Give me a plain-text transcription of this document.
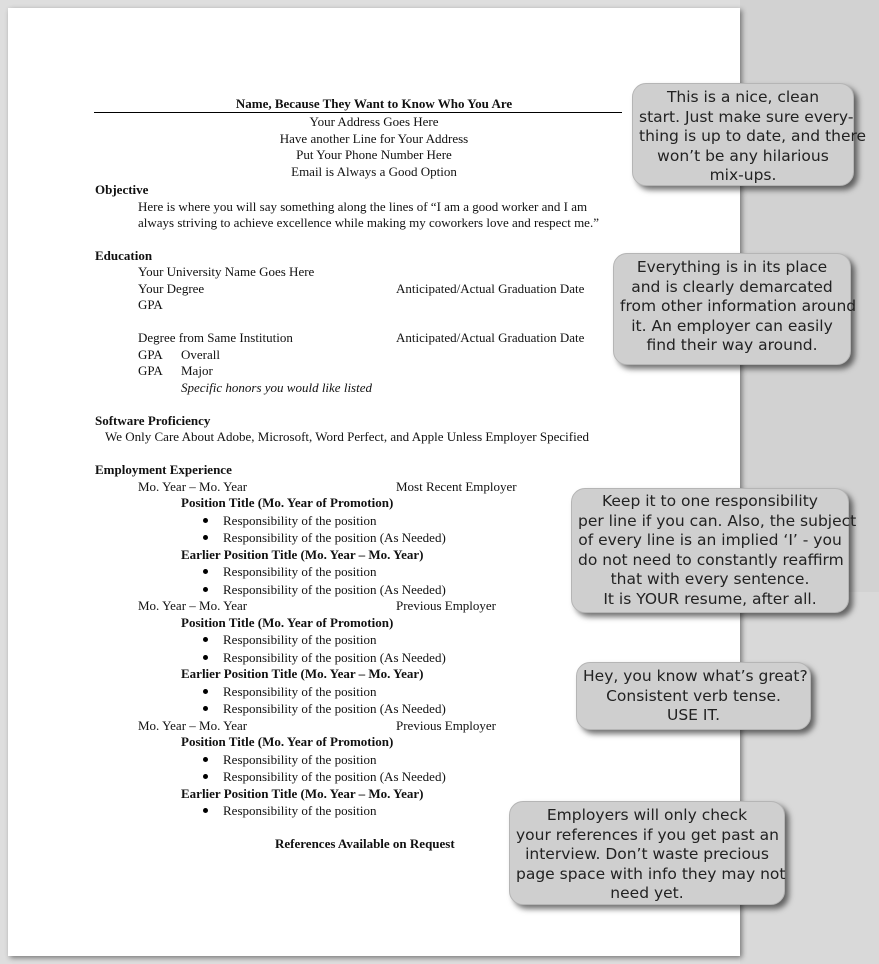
Name, Because They Want to Know Who You Are
Your Address Goes Here
Have another Line for Your Address
Put Your Phone Number Here
Email is Always a Good Option
Objective
Here is where you will say something along the lines of “I am a good worker and I am
always striving to achieve excellence while making my coworkers love and respect me.”
Education
Your University Name Goes Here
Your Degree	Anticipated/Actual Graduation Date
GPA
Degree from Same Institution	Anticipated/Actual Graduation Date
GPA Overall
GPA Major
Specific honors you would like listed
Software Proficiency
We Only Care About Adobe, Microsoft, Word Perfect, and Apple Unless Employer Specified
Employment Experience
Mo. Year – Mo. Year	Most Recent Employer
Position Title (Mo. Year of Promotion)
Responsibility of the position
Responsibility of the position (As Needed)
Earlier Position Title (Mo. Year – Mo. Year)
Responsibility of the position
Responsibility of the position (As Needed)
Mo. Year – Mo. Year	Previous Employer
Position Title (Mo. Year of Promotion)
Responsibility of the position
Responsibility of the position (As Needed)
Earlier Position Title (Mo. Year – Mo. Year)
Responsibility of the position
Responsibility of the position (As Needed)
Mo. Year – Mo. Year	Previous Employer
Position Title (Mo. Year of Promotion)
Responsibility of the position
Responsibility of the position (As Needed)
Earlier Position Title (Mo. Year – Mo. Year)
Responsibility of the position
References Available on Request
This is a nice, clean
start. Just make sure every-
thing is up to date, and there
won’t be any hilarious
mix-ups.
Everything is in its place
and is clearly demarcated
from other information around
it. An employer can easily
find their way around.
Keep it to one responsibility
per line if you can. Also, the subject
of every line is an implied ‘I’ - you
do not need to constantly reaffirm
that with every sentence.
It is YOUR resume, after all.
Hey, you know what’s great?
Consistent verb tense.
USE IT.
Employers will only check
your references if you get past an
interview. Don’t waste precious
page space with info they may not
need yet.
